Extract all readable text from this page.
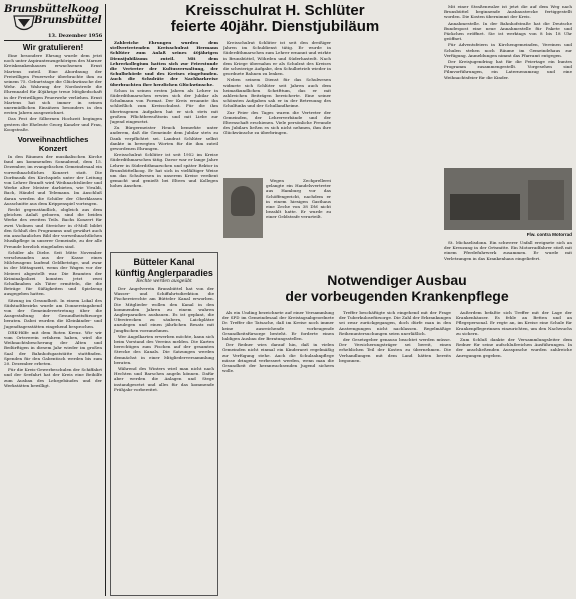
Brunsbüttelkoog
Brunsbüttel
13. Dezember 1956
Wir gratulieren!

Eine besondere Ehrung wurde dem jetzt noch unter Aspirantenzugehörigen des Marner Kreiskrankenhauses erwachsenen Ernst Martens zuteil. Eine Abordnung der Freiwilligen Feuerwehr überbrachte ihm zu seinem 75. Geburtstage die Glückwünsche der Wehr. Als Wahrung der Nordostrede die Ehrennadel für 40jährige treue Mitgliedschaft in der Freiwilligen Feuerwehr verliehen. Ernst Martens hat sich immer in seinen unermüdlichen Einsätzen besonders in den ersten Jahren ausgezeichnet.

Das Fest der Silbernen Hochzeit begingen gestern die Eheleute Georg Kanzler und Frau, Koogstraße.

Vorweihnachtliches Konzert

In den Räumen der musikalischen Kirche fand am kommenden Sonnabend, dem 15. Dezember, im evangelischen Gemeindesaal ein vorweihnachtliches Konzert statt. Die Dorfmusik des Kirchspiels unter der Leitung von Lehrer Brandt wird Weihnachtslieder und Werke alter Meister darbieten, wie Vivaldi, Bach, Händel und Telemann. Im Anschluß daran werden die Schüler der Oberklassen Ausschnitte aus dem Krippenspiel vortragen.

Recht gegenständlich, obgleich aus dem gleichen Anlaß geboren, sind die beiden Werke des zweiten Teils. Bachs Konzert für zwei Violinen und Streicher in d-Moll bildet den Schluß des Programms und gewährt auch ein anschauliches Bild der vorweihnachtlichen Musikpflege in unserer Gemeinde, zu der alle Freunde herzlich eingeladen sind.

Schüler als Diebe. Seit Mitte November verschwanden aus der Kasse eines Milchwagens laufend Geldbeträge, und zwar in der Mittagszeit, wenn der Wagen vor der Meierei abgestellt war. Die Beamten der Kriminalpolizei konnten jetzt zwei Schulknaben als Täter ermitteln, die die Beträge für Süßigkeiten und Spielzeug ausgegeben hatten.

Sitzung im Gesundheit. In einem Lokal des Südstadtbezirks wurde am Donnerstagabend von der Gemeindevertretung über die Ausgestaltung der Gesundheitsfürsorge beraten. Dabei wurden die Kleinkinder- und Jugendtagesstätten eingehend besprochen.

DRK-Hilfe mit dem Roten Kreuz. Wir wir vom Ortsverein erfahren haben, wird die Weihnachtsbescherung der Alten und Bedürftigen in diesem Jahr wieder im großen Saal der Bahnhofsgaststätte stattfinden. Spenden für den Gabentisch werden bis zum 20. Dezember erbeten.

Für die Kreis-Gewerbeschulen der Schiffahrt und der Seefahrt hat der Kreis eine Beihilfe zum Ausbau des Lehrgebäudes und der Werkstätten bewilligt.

Kreisschulrat H. Schlüter
feierte 40jähr. Dienstjubiläum

Zahlreiche Ehrungen wurden dem stellvertretenden Kreisschulrat Hermann Schlüter zum Anlaß seines 40jährigen Dienstjubiläums zuteil. Mit dem Lehrerkollegium hatten sich zur Feierstunde die Vertreter der Kultusverwaltung, der Schulbehörde und des Kreises eingefunden. Auch die Schulräte der Nachbarkreise überbrachten ihre herzlichen Glückwünsche.

Schon in seinen ersten Jahren als Lehrer in Süderdithmarschen erwies sich der Jubilar als Schulmann von Format. Der Kreis ernannte ihn schließlich zum Kreisschulrat. Für die ihm übertragenen Aufgaben hat er sich stets mit großem Pflichtbewußtsein und mit Liebe zur Jugend eingesetzt.

Zu Bürgermeister Heuck bemerkte unter anderem, daß die Gemeinde dem Jubilar stets zu Dank verpflichtet sei. Landrat Schlüter selbst dankte in bewegten Worten für die ihm zuteil gewordenen Ehrungen.

Kreisschulrat Schlüter ist seit 1952 im Kreise Süderdithmarschen tätig. Davor war er lange Jahre Lehrer in Süderdithmarschen und später Rektor in Brunsbüttelkoog. Er hat sich in vielfältiger Weise um das Schulwesen in unserem Kreise verdient gemacht und genießt bei Eltern und Kollegen hohes Ansehen.

Kreisschulrat Schlüter ist seit den dreißiger Jahren im Schuldienst tätig. Er wurde in Süderdithmarschen zum Lehrer ernannt und wirkte in Brunsbüttel, Wöhrden und Süderhastedt. Nach dem Kriege übernahm er als Schulrat des Kreises die schwierige Aufgabe, den Schulbetrieb wieder in geordnete Bahnen zu lenken.

Neben seinem Dienst für das Schulwesen widmete sich Schlüter seit Jahren auch dem heimatkundlichen Schrifttum, das er mit zahlreichen Beiträgen bereicherte. Eine seiner schönsten Aufgaben sah er in der Betreuung des Schulfunks und der Schullandheime.

Zur Feier des Tages waren die Vertreter der Gemeinden, der Lehrerverbände und der Elternschaft erschienen. Viele persönliche Freunde des Jubilars ließen es sich nicht nehmen, ihm ihre Glückwünsche zu überbringen.

Wegen Zechprellerei gelangte ein Handelsvertreter aus Hamburg vor das Schöffengericht, nachdem er in einem hiesigen Gasthaus eine Zeche von 38 DM nicht bezahlt hatte. Er wurde zu einer Geldstrafe verurteilt.

Bütteler Kanal
künftig Anglerparadies
Rechte werden ausgeübt

Der Angelverein Brunsbüttel hat von der Wasser- und Schiffahrtsdirektion die Fischereirechte am Bütteler Kanal erworben. Die Mitglieder wollen den Kanal in den kommenden Jahren zu einem wahren Anglerparadies ausbauen. Es ist geplant, die Uferstrecken zu säubern, Laichplätze anzulegen und einen jährlichen Besatz mit Jungfischen vorzunehmen.

Wer Angelkarten erwerben möchte, kann sich beim Vorstand des Vereins melden. Die Karten berechtigen zum Fischen auf der gesamten Strecke des Kanals. Die Satzungen werden demnächst in einer Mitgliederversammlung beraten.

Während des Winters wird man nicht nach Hechten und Barschen angeln können. Dafür aber werden die Anlagen und Stege instandgesetzt und alles für das kommende Frühjahr vorbereitet.

Mit einer Straßenwalze ist jetzt die auf dem Weg nach Brunsbüttel beginnende Ausbaustrecke fertiggestellt worden. Die Kosten übernimmt der Kreis.

Annahmestelle. In der Bahnhofstraße hat die Deutsche Bundespost eine neue Annahmestelle für Pakete und Päckchen eröffnet. Sie ist werktags von 8 bis 18 Uhr geöffnet.

Für Adventsfeiern in Kirchengemeinden, Vereinen und Schulen stehen noch Räume im Gemeindehaus zur Verfügung. Anmeldungen nimmt das Pfarramt entgegen.

Der Kreisjugendring hat für die Feiertage ein buntes Programm zusammengestellt. Vorgesehen sind Filmvorführungen, ein Laternenumzug und eine Weihnachtsfeier für die Kinder.

Flw. contra Motorrad

St. Michaelisdonn. Ein schwerer Unfall ereignete sich an der Kreuzung in der Ortsmitte. Ein Motorradfahrer stieß mit einem Pferdefuhrwerk zusammen. Er wurde mit Verletzungen in das Krankenhaus eingeliefert.

Notwendiger Ausbau
der vorbeugenden Krankenpflege

Als ein Unding bezeichnete auf einer Versammlung der SPD im Gemeindesaal der Kreistagsabgeordnete Dr. Treffer die Tatsache, daß im Kreise noch immer keine ausreichende vorbeugende Gesundheitsfürsorge besteht. Er forderte einen baldigen Ausbau der Beratungsstellen.

Der Redner wies darauf hin, daß in vielen Gemeinden nicht einmal ein Kinderarzt regelmäßig zur Verfügung stehe. Auch die Schulzahnpflege müsse dringend verbessert werden, wenn man die Gesundheit der heranwachsenden Jugend sichern wolle.

Treffer beschäftigte sich eingehend mit der Frage der Tuberkulosefürsorge. Die Zahl der Erkrankungen sei zwar zurückgegangen, doch dürfe man in den Anstrengungen nicht nachlassen. Regelmäßige Reihenuntersuchungen seien unerläßlich.

der Gesetzgeber genauso beachtet werden müsse. Der Versicherungsträger sei bereit, einen erheblichen Teil der Kosten zu übernehmen. Die Verhandlungen mit dem Land hätten bereits begonnen.

Außerdem befaßte sich Treffer mit der Lage der Krankenhäuser. Es fehle an Betten und an Pflegepersonal. Er regte an, im Kreise eine Schule für Krankenpflegerinnen einzurichten, um den Nachwuchs zu sichern.

Zum Schluß dankte der Versammlungsleiter dem Redner für seine aufschlußreichen Ausführungen. In der anschließenden Aussprache wurden zahlreiche Anregungen gegeben.
